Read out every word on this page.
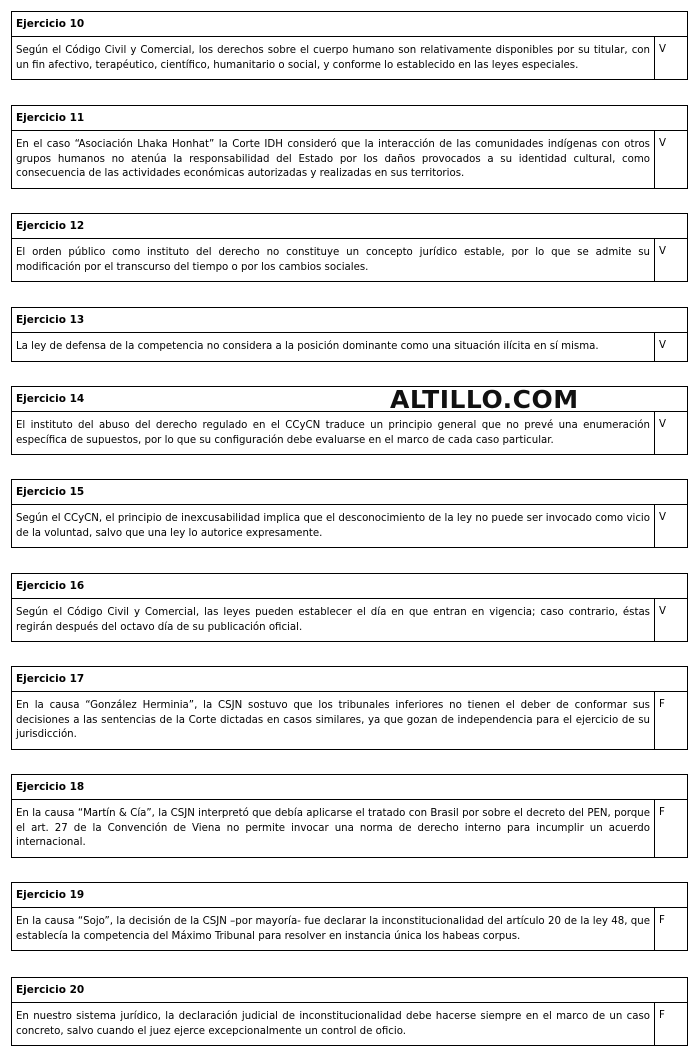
Ejercicio 10
Según el Código Civil y Comercial, los derechos sobre el cuerpo humano son relativamente disponibles por su titular, con un fin afectivo, terapéutico, científico, humanitario o social, y conforme lo establecido en las leyes especiales.
V
Ejercicio 11
En el caso “Asociación Lhaka Honhat” la Corte IDH consideró que la interacción de las comunidades indígenas con otros grupos humanos no atenúa la responsabilidad del Estado por los daños provocados a su identidad cultural, como consecuencia de las actividades económicas autorizadas y realizadas en sus territorios.
V
Ejercicio 12
El orden público como instituto del derecho no constituye un concepto jurídico estable, por lo que se admite su modificación por el transcurso del tiempo o por los cambios sociales.
V
Ejercicio 13
La ley de defensa de la competencia no considera a la posición dominante como una situación ilícita en sí misma.	V
Ejercicio 14
El instituto del abuso del derecho regulado en el CCyCN traduce un principio general que no prevé una enumeración específica de supuestos, por lo que su configuración debe evaluarse en el marco de cada caso particular.
V
Ejercicio 15
Según el CCyCN, el principio de inexcusabilidad implica que el desconocimiento de la ley no puede ser invocado como vicio de la voluntad, salvo que una ley lo autorice expresamente.
V
Ejercicio 16
Según el Código Civil y Comercial, las leyes pueden establecer el día en que entran en vigencia; caso contrario, éstas regirán después del octavo día de su publicación oficial.
V
Ejercicio 17
En la causa “González Herminia”, la CSJN sostuvo que los tribunales inferiores no tienen el deber de conformar sus decisiones a las sentencias de la Corte dictadas en casos similares, ya que gozan de independencia para el ejercicio de su jurisdicción.
F
Ejercicio 18
En la causa “Martín & Cía”, la CSJN interpretó que debía aplicarse el tratado con Brasil por sobre el decreto del PEN, porque el art. 27 de la Convención de Viena no permite invocar una norma de derecho interno para incumplir un acuerdo internacional.
F
Ejercicio 19
En la causa “Sojo”, la decisión de la CSJN –por mayoría- fue declarar la inconstitucionalidad del artículo 20 de la ley 48, que establecía la competencia del Máximo Tribunal para resolver en instancia única los habeas corpus.
F
Ejercicio 20
En nuestro sistema jurídico, la declaración judicial de inconstitucionalidad debe hacerse siempre en el marco de un caso concreto, salvo cuando el juez ejerce excepcionalmente un control de oficio.
F
ALTILLO.COM
